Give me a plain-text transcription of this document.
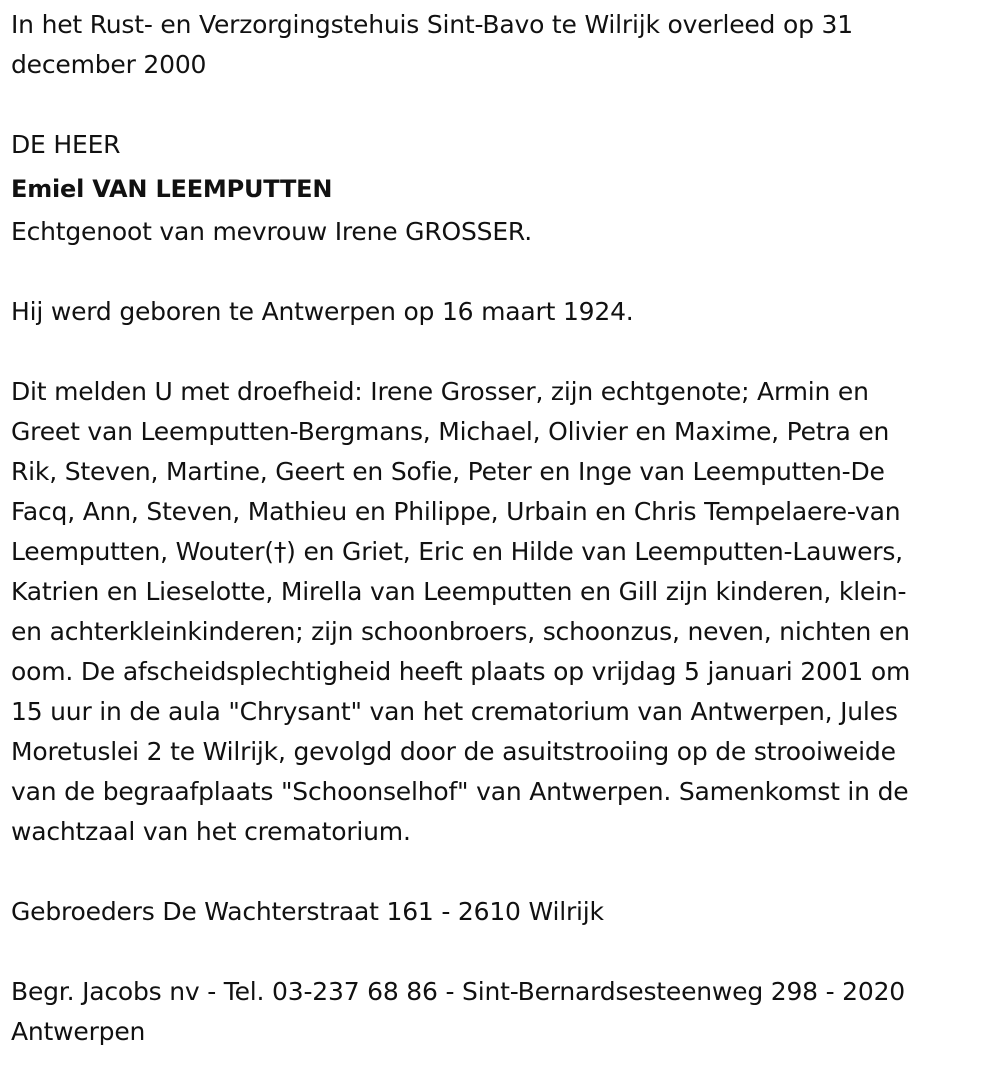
In het Rust- en Verzorgingstehuis Sint-Bavo te Wilrijk overleed op 31
december 2000

DE HEER

Emiel VAN LEEMPUTTEN

Echtgenoot van mevrouw Irene GROSSER.

Hij werd geboren te Antwerpen op 16 maart 1924.

Dit melden U met droefheid: Irene Grosser, zijn echtgenote; Armin en
Greet van Leemputten-Bergmans, Michael, Olivier en Maxime, Petra en
Rik, Steven, Martine, Geert en Sofie, Peter en Inge van Leemputten-De
Facq, Ann, Steven, Mathieu en Philippe, Urbain en Chris Tempelaere-van
Leemputten, Wouter(†) en Griet, Eric en Hilde van Leemputten-Lauwers,
Katrien en Lieselotte, Mirella van Leemputten en Gill zijn kinderen, klein-
en achterkleinkinderen; zijn schoonbroers, schoonzus, neven, nichten en
oom. De afscheidsplechtigheid heeft plaats op vrijdag 5 januari 2001 om
15 uur in de aula "Chrysant" van het crematorium van Antwerpen, Jules
Moretuslei 2 te Wilrijk, gevolgd door de asuitstrooiing op de strooiweide
van de begraafplaats "Schoonselhof" van Antwerpen. Samenkomst in de
wachtzaal van het crematorium.

Gebroeders De Wachterstraat 161 - 2610 Wilrijk

Begr. Jacobs nv - Tel. 03-237 68 86 - Sint-Bernardsesteenweg 298 - 2020
Antwerpen
